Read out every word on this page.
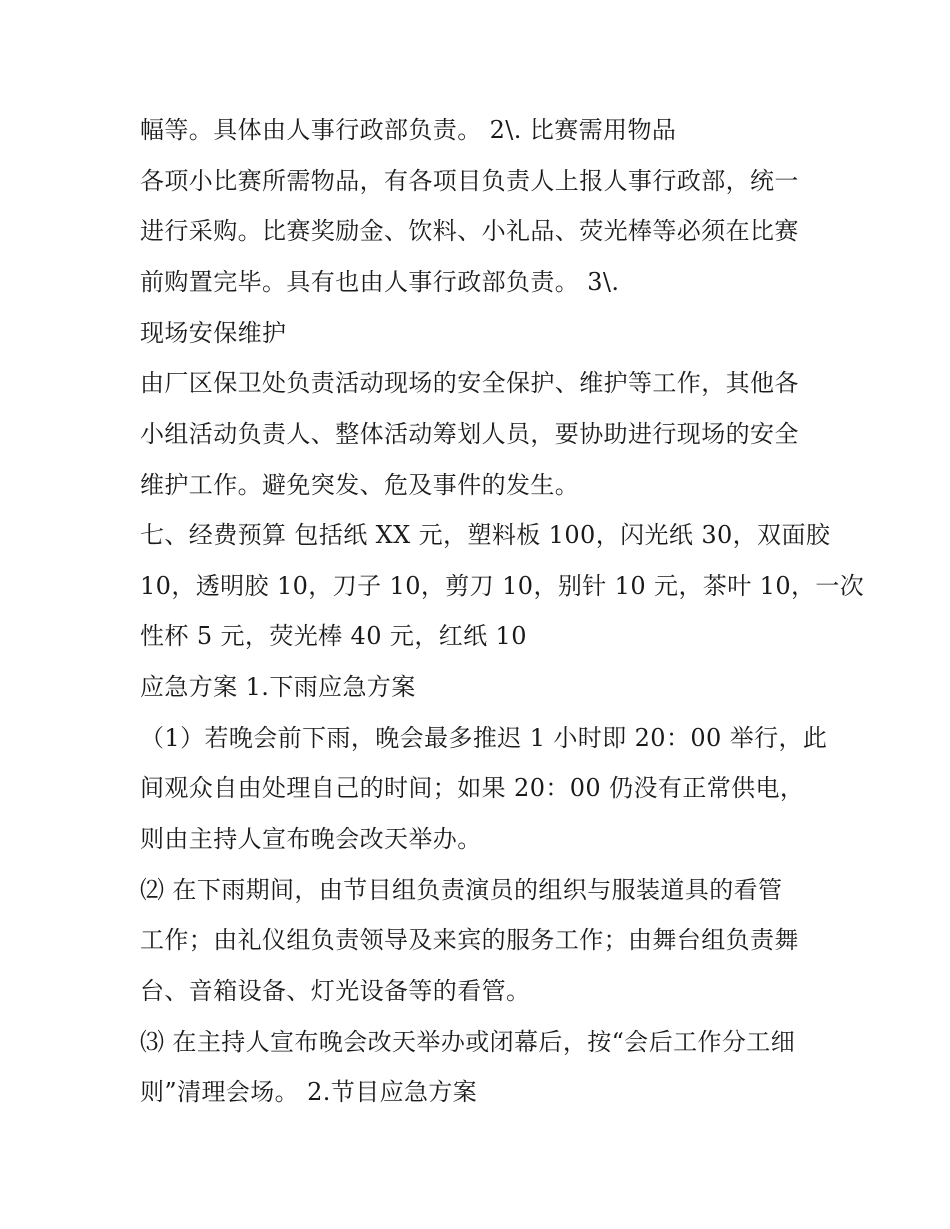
幅等。具体由人事行政部负责。 2\. 比赛需用物品
各项小比赛所需物品，有各项目负责人上报人事行政部，统一
进行采购。比赛奖励金、饮料、小礼品、荧光棒等必须在比赛
前购置完毕。具有也由人事行政部负责。 3\.
现场安保维护
由厂区保卫处负责活动现场的安全保护、维护等工作，其他各
小组活动负责人、整体活动筹划人员，要协助进行现场的安全
维护工作。避免突发、危及事件的发生。
七、经费预算 包括纸 XX 元，塑料板 100，闪光纸 30，双面胶
10，透明胶 10，刀子 10，剪刀 10，别针 10 元，茶叶 10，一次
性杯 5 元，荧光棒 40 元，红纸 10
应急方案 1.下雨应急方案
（1）若晚会前下雨，晚会最多推迟 1 小时即 20：00 举行，此
间观众自由处理自己的时间；如果 20：00 仍没有正常供电，
则由主持人宣布晚会改天举办。
⑵ 在下雨期间，由节目组负责演员的组织与服装道具的看管
工作；由礼仪组负责领导及来宾的服务工作；由舞台组负责舞
台、音箱设备、灯光设备等的看管。
⑶ 在主持人宣布晚会改天举办或闭幕后，按“会后工作分工细
则”清理会场。 2.节目应急方案
